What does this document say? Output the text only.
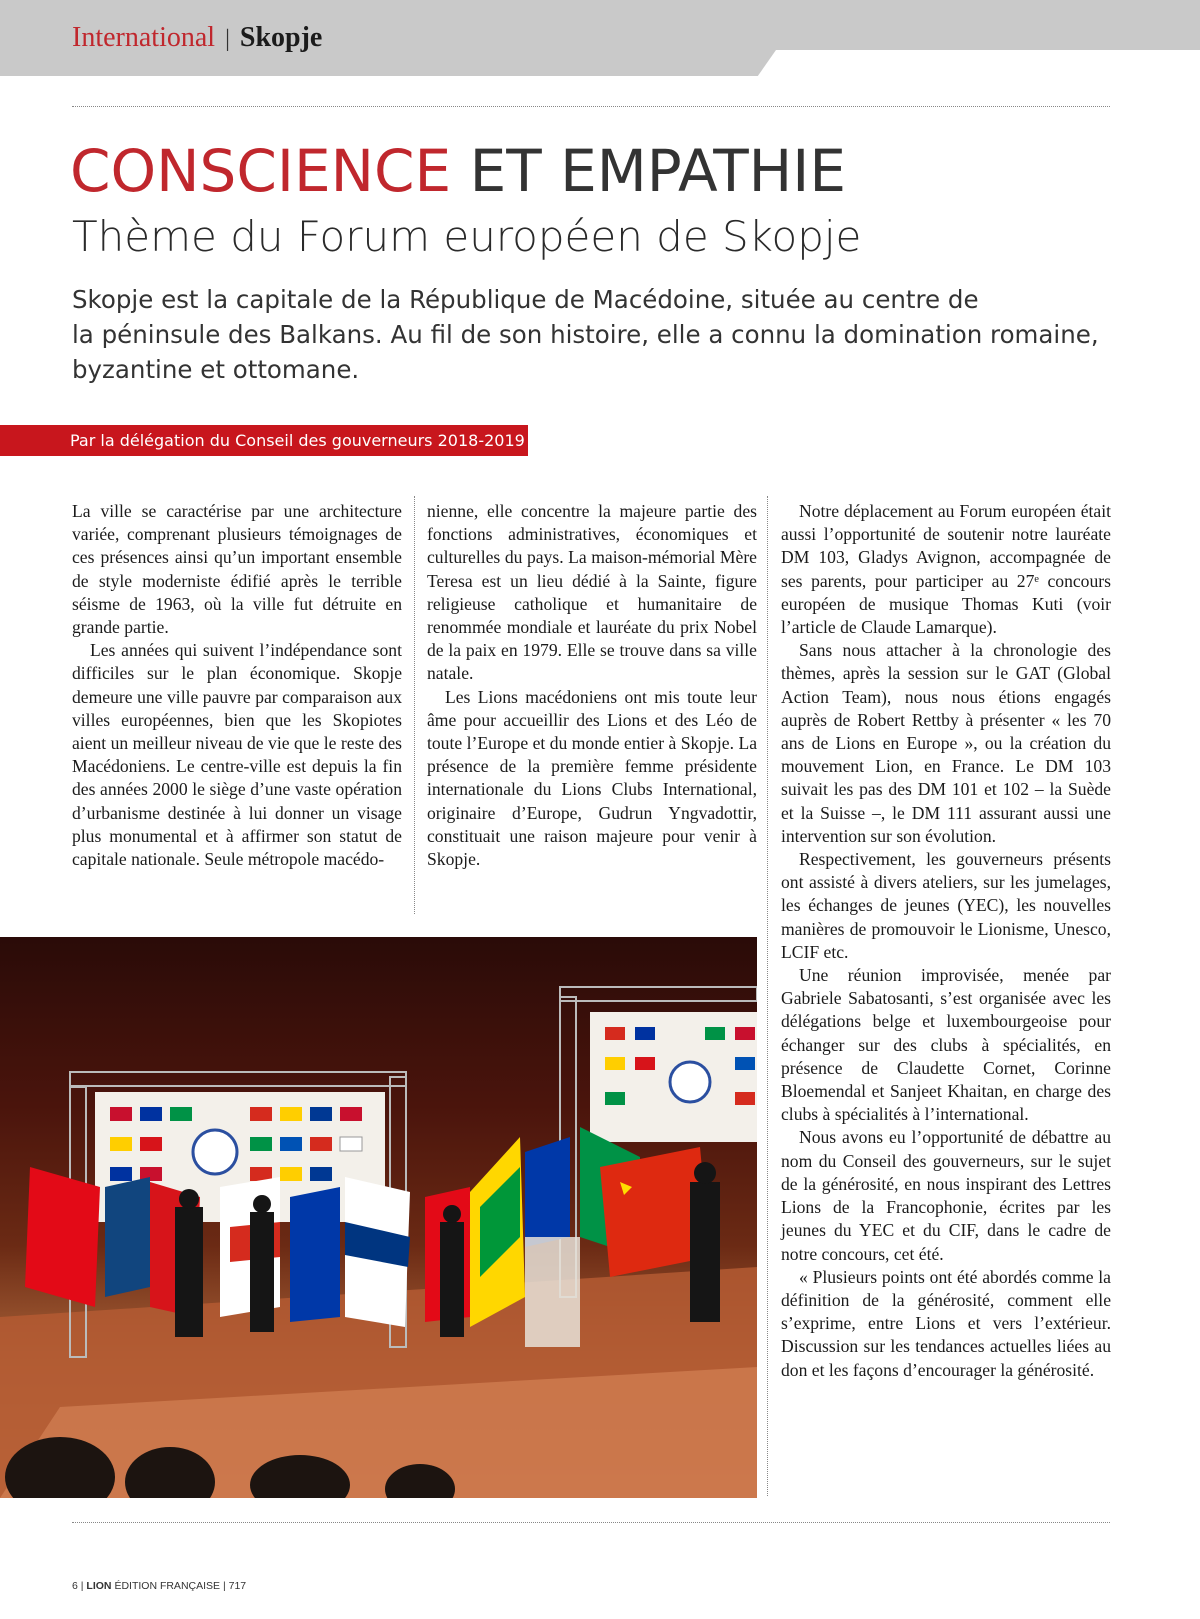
International | Skopje
CONSCIENCE ET EMPATHIE
Thème du Forum européen de Skopje

Skopje est la capitale de la République de Macédoine, située au centre de

la péninsule des Balkans. Au fil de son histoire, elle a connu la domination romaine,

byzantine et ottomane.

Par la délégation du Conseil des gouverneurs 2018-2019

La ville se caractérise par une architecture variée, comprenant plusieurs témoignages de ces présences ainsi qu’un important ensemble de style moderniste édifié après le terrible séisme de 1963, où la ville fut détruite en grande partie.

Les années qui suivent l’indépendance sont difficiles sur le plan économique. Skopje demeure une ville pauvre par comparaison aux villes européennes, bien que les Skopiotes aient un meilleur niveau de vie que le reste des Macédoniens. Le centre-ville est depuis la fin des années 2000 le siège d’une vaste opération d’urbanisme destinée à lui donner un visage plus monumental et à affirmer son statut de capitale nationale. Seule métropole macédo-

nienne, elle concentre la majeure partie des fonctions administratives, économiques et culturelles du pays. La maison-mémorial Mère Teresa est un lieu dédié à la Sainte, figure religieuse catholique et humanitaire de renommée mondiale et lauréate du prix Nobel de la paix en 1979. Elle se trouve dans sa ville natale.

Les Lions macédoniens ont mis toute leur âme pour accueillir des Lions et des Léo de toute l’Europe et du monde entier à Skopje. La présence de la première femme présidente internationale du Lions Clubs International, originaire d’Europe, Gudrun Yngvadottir, constituait une raison majeure pour venir à Skopje.

Notre déplacement au Forum européen était aussi l’opportunité de soutenir notre lauréate DM 103, Gladys Avignon, accompagnée de ses parents, pour participer au 27ᵉ concours européen de musique Thomas Kuti (voir l’article de Claude Lamarque).

Sans nous attacher à la chronologie des thèmes, après la session sur le GAT (Global Action Team), nous nous étions engagés auprès de Robert Rettby à présenter « les 70 ans de Lions en Europe », ou la création du mouvement Lion, en France. Le DM 103 suivait les pas des DM 101 et 102 – la Suède et la Suisse –, le DM 111 assurant aussi une intervention sur son évolution.

Respectivement, les gouverneurs présents ont assisté à divers ateliers, sur les jumelages, les échanges de jeunes (YEC), les nouvelles manières de promouvoir le Lionisme, Unesco, LCIF etc.

Une réunion improvisée, menée par Gabriele Sabatosanti, s’est organisée avec les délégations belge et luxembourgeoise pour échanger sur des clubs à spécialités, en présence de Claudette Cornet, Corinne Bloemendal et Sanjeet Khaitan, en charge des clubs à spécialités à l’international.

Nous avons eu l’opportunité de débattre au nom du Conseil des gouverneurs, sur le sujet de la générosité, en nous inspirant des Lettres Lions de la Francophonie, écrites par les jeunes du YEC et du CIF, dans le cadre de notre concours, cet été.

« Plusieurs points ont été abordés comme la définition de la générosité, comment elle s’exprime, entre Lions et vers l’extérieur. Discussion sur les tendances actuelles liées au don et les façons d’encourager la générosité.

6 | LION ÉDITION FRANÇAISE | 717
